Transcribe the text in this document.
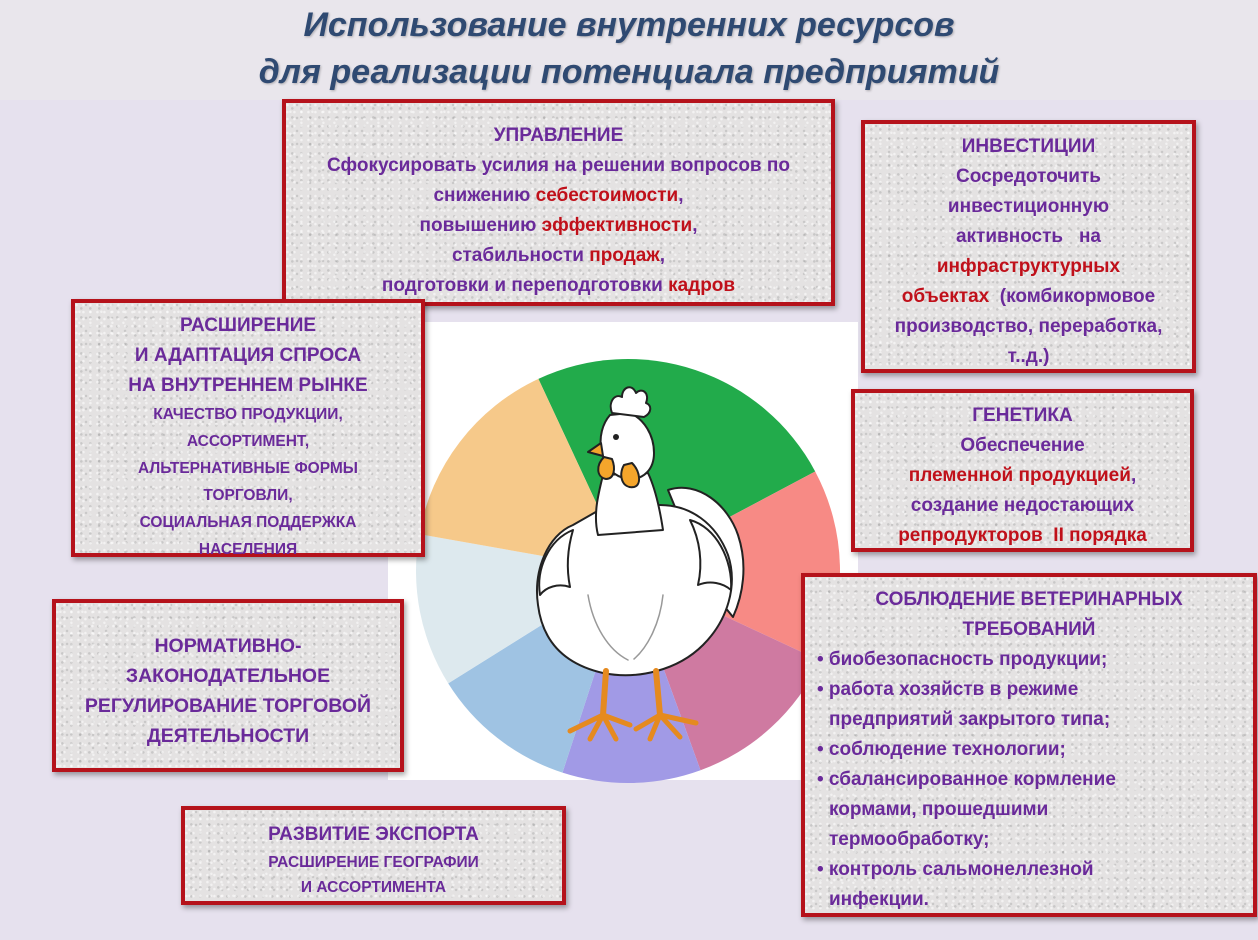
Использование внутренних ресурсов
для реализации потенциала предприятий
УПРАВЛЕНИЕ
Сфокусировать усилия на решении вопросов по
снижению себестоимости,
повышению эффективности,
стабильности продаж,
подготовки и переподготовки кадров
ИНВЕСТИЦИИ
Сосредоточить
инвестиционную
активность   на
инфраструктурных
объектах  (комбикормовое
производство, переработка,
т..д.)
РАСШИРЕНИЕ
И АДАПТАЦИЯ СПРОСА
НА ВНУТРЕННЕМ РЫНКЕ
КАЧЕСТВО ПРОДУКЦИИ,
АССОРТИМЕНТ,
АЛЬТЕРНАТИВНЫЕ ФОРМЫ
ТОРГОВЛИ,
СОЦИАЛЬНАЯ ПОДДЕРЖКА
НАСЕЛЕНИЯ
ГЕНЕТИКА
Обеспечение
племенной продукцией,
создание недостающих
репродукторов  II порядка
НОРМАТИВНО-
ЗАКОНОДАТЕЛЬНОЕ
РЕГУЛИРОВАНИЕ ТОРГОВОЙ
ДЕЯТЕЛЬНОСТИ
СОБЛЮДЕНИЕ ВЕТЕРИНАРНЫХ
ТРЕБОВАНИЙ
• биобезопасность продукции;
• работа хозяйств в режиме
предприятий закрытого типа;
• соблюдение технологии;
• сбалансированное кормление
кормами, прошедшими
термообработку;
• контроль сальмонеллезной
инфекции.
РАЗВИТИЕ ЭКСПОРТА
РАСШИРЕНИЕ ГЕОГРАФИИ
И АССОРТИМЕНТА
